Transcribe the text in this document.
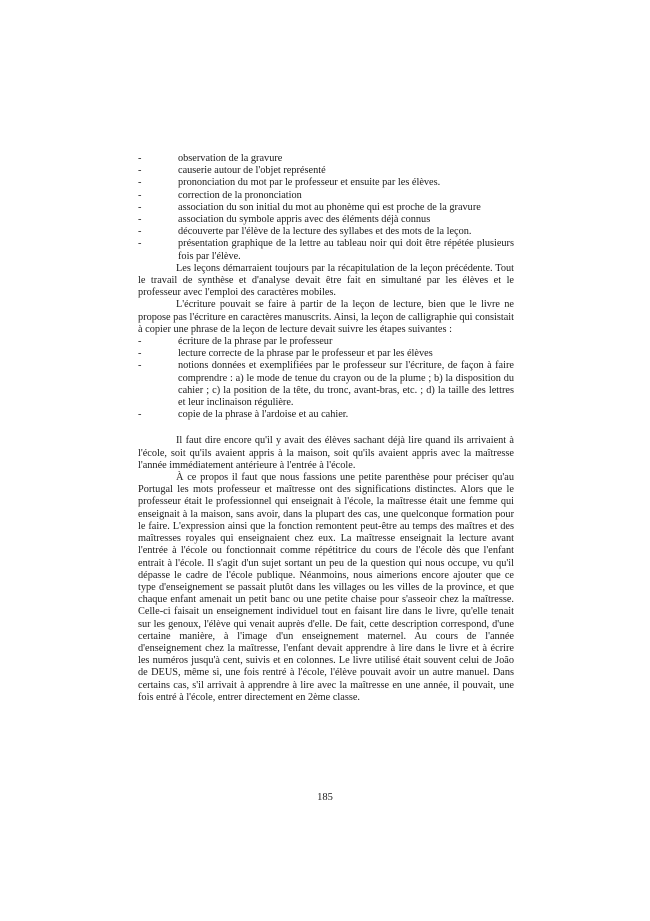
-	observation de la gravure
-	causerie autour de l'objet représenté
-	prononciation du mot par le professeur et ensuite par les élèves.
-	correction de la prononciation
-	association du son initial du mot au phonème qui est proche de la gravure
-	association du symbole appris avec des éléments déjà connus
-	découverte par l'élève de la lecture des syllabes et des mots de la leçon.
-	présentation graphique de la lettre au tableau noir qui doit être répétée plusieurs fois par l'élève.

Les leçons démarraient toujours par la récapitulation de la leçon précédente. Tout le travail de synthèse et d'analyse devait être fait en simultané par les élèves et le professeur avec l'emploi des caractères mobiles.

L'écriture pouvait se faire à partir de la leçon de lecture, bien que le livre ne propose pas l'écriture en caractères manuscrits. Ainsi, la leçon de calligraphie qui consistait à copier une phrase de la leçon de lecture devait suivre les étapes suivantes :

-	écriture de la phrase par le professeur
-	lecture correcte de la phrase par le professeur et par les élèves
-	notions données et exemplifiées par le professeur sur l'écriture, de façon à faire comprendre : a) le mode de tenue du crayon ou de la plume ; b) la disposition du cahier ; c) la position de la tête, du tronc, avant-bras, etc. ; d) la taille des lettres et leur inclinaison régulière.
-	copie de la phrase à l'ardoise et au cahier.

Il faut dire encore qu'il y avait des élèves sachant déjà lire quand ils arrivaient à l'école, soit qu'ils avaient appris à la maison, soit qu'ils avaient appris avec la maîtresse l'année immédiatement antérieure à l'entrée à l'école.

À ce propos il faut que nous fassions une petite parenthèse pour préciser qu'au Portugal les mots professeur et maîtresse ont des significations distinctes. Alors que le professeur était le professionnel qui enseignait à l'école, la maîtresse était une femme qui enseignait à la maison, sans avoir, dans la plupart des cas, une quelconque formation pour le faire. L'expression ainsi que la fonction remontent peut-être au temps des maîtres et des maîtresses royales qui enseignaient chez eux. La maîtresse enseignait la lecture avant l'entrée à l'école ou fonctionnait comme répétitrice du cours de l'école dès que l'enfant entrait à l'école. Il s'agit d'un sujet sortant un peu de la question qui nous occupe, vu qu'il dépasse le cadre de l'école publique. Néanmoins, nous aimerions encore ajouter que ce type d'enseignement se passait plutôt dans les villages ou les villes de la province, et que chaque enfant amenait un petit banc ou une petite chaise pour s'asseoir chez la maîtresse. Celle-ci faisait un enseignement individuel tout en faisant lire dans le livre, qu'elle tenait sur les genoux, l'élève qui venait auprès d'elle. De fait, cette description correspond, d'une certaine manière, à l'image d'un enseignement maternel. Au cours de l'année d'enseignement chez la maîtresse, l'enfant devait apprendre à lire dans le livre et à écrire les numéros jusqu'à cent, suivis et en colonnes. Le livre utilisé était souvent celui de João de DEUS, même si, une fois rentré à l'école, l'élève pouvait avoir un autre manuel. Dans certains cas, s'il arrivait à apprendre à lire avec la maîtresse en une année, il pouvait, une fois entré à l'école, entrer directement en 2ème classe.

185
